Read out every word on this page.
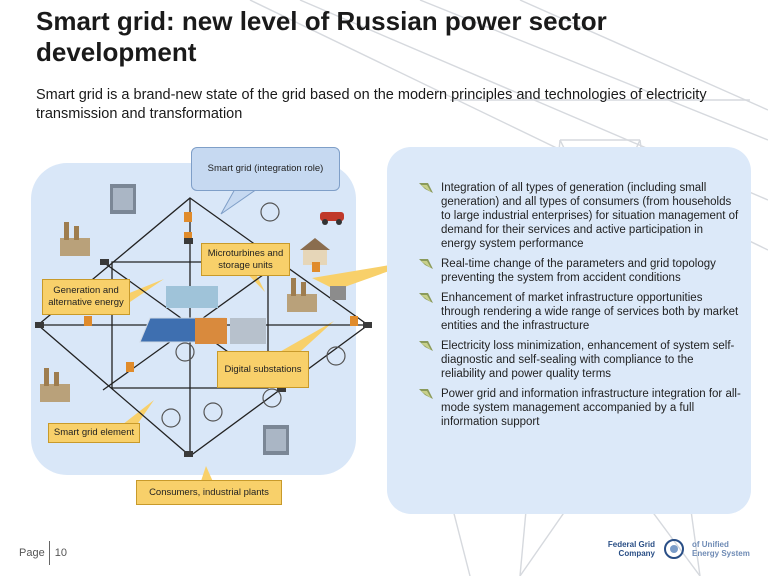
Smart grid: new level of Russian power sector development
Smart grid is a brand-new state of the grid based on the modern principles and technologies of electricity transmission and transformation
Smart grid (integration role)
Microturbines and storage units
Generation and alternative energy
Digital substations
Smart grid element
Consumers, industrial plants
Integration of all types of generation (including small generation) and all types of consumers (from households to large industrial enterprises) for situation management of demand for their services and active participation in energy system performance
Real-time change of the parameters and grid topology preventing the system from accident conditions
Enhancement of market infrastructure opportunities through rendering a wide range of services both by market entities and the infrastructure
Electricity loss minimization, enhancement of system self-diagnostic and self-sealing with compliance to the reliability and power quality terms
Power grid and information infrastructure integration for all-mode system management accompanied by a full information support
Page 10
Federal Grid Company
of Unified Energy System
